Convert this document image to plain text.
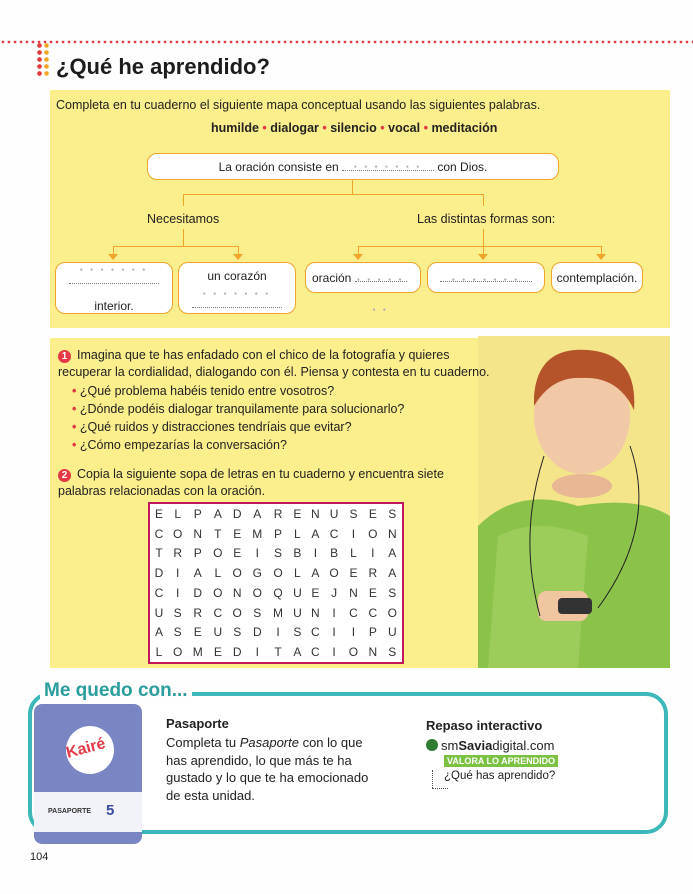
¿Qué he aprendido?
Completa en tu cuaderno el siguiente mapa conceptual usando las siguientes palabras.
humilde • dialogar • silencio • vocal • meditación
La oración consiste en ● ● ● ● ● ● ●	con Dios.
Necesitamos	Las distintas formas son:
● ● ● ● ● ● ●

interior.
un corazón
● ● ● ● ● ● ●	oración ● ● ● ● ● ● ● ● ● ● ● ● ● ●	contemplación.
1 Imagina que te has enfadado con el chico de la fotografía y quieres recuperar la cordialidad, dialogando con él. Piensa y contesta en tu cuaderno.
• ¿Qué problema habéis tenido entre vosotros?
• ¿Dónde podéis dialogar tranquilamente para solucionarlo?
• ¿Qué ruidos y distracciones tendríais que evitar?
• ¿Cómo empezarías la conversación?
2 Copia la siguiente sopa de letras en tu cuaderno y encuentra siete palabras relacionadas con la oración.
E	L	P	A	D	A	R	E	N	U	S	E	S
C	O	N	T	E	M	P	L	A	C	I	O	N
T	R	P	O	E	I	S	B	I	B	L	I	A
D	I	A	L	O	G	O	L	A	O	E	R	A
C	I	D	O	N	O	Q	U	E	J	N	E	S
U	S	R	C	O	S	M	U	N	I	C	C	O
A	S	E	U	S	D	I	S	C	I	I	P	U
L	O	M	E	D	I	T	A	C	I	O	N	S
Me quedo con...
Kairé
PASAPORTE 5
Pasaporte
Completa tu Pasaporte con lo que has aprendido, lo que más te ha gustado y lo que te ha emocionado de esta unidad.
Repaso interactivo
smSaviadigital.com
VALORA LO APRENDIDO
¿Qué has aprendido?
104
